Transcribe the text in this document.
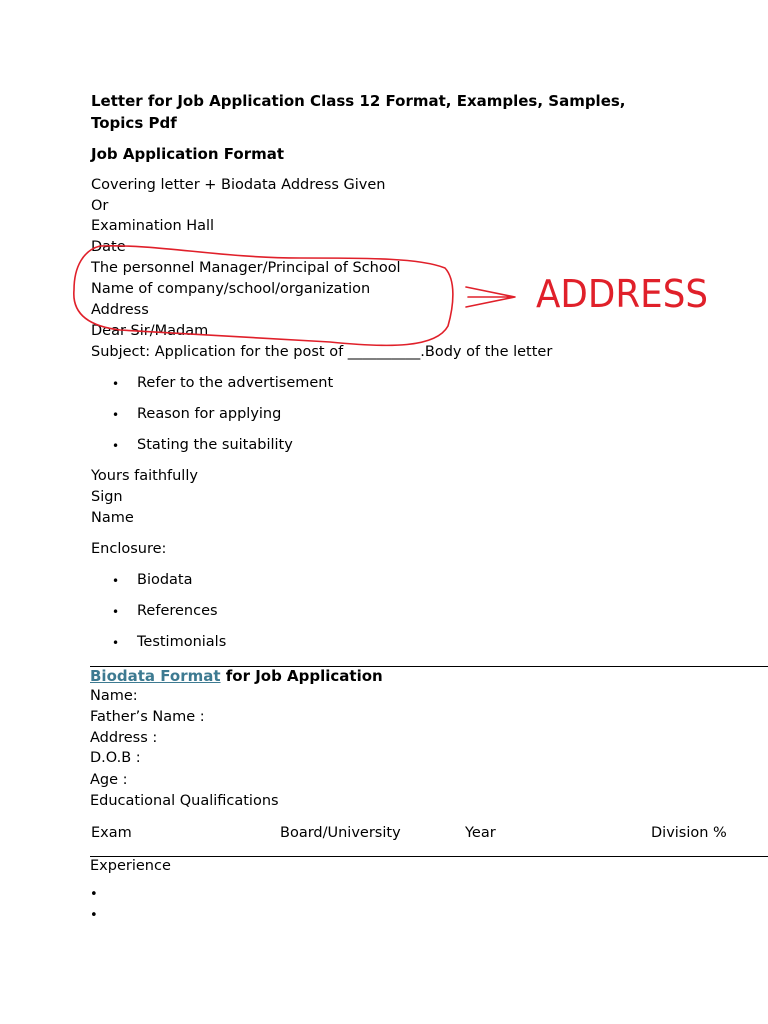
Letter for Job Application Class 12 Format, Examples, Samples,
Topics Pdf
Job Application Format
Covering letter + Biodata Address Given
Or
Examination Hall
Date
The personnel Manager/Principal of School
Name of company/school/organization
Address
Dear Sir/Madam
Subject: Application for the post of __________.Body of the letter
• Refer to the advertisement
• Reason for applying
• Stating the suitability
Yours faithfully
Sign
Name
Enclosure:
• Biodata
• References
• Testimonials
Biodata Format for Job Application
Name:
Father’s Name :
Address :
D.O.B :
Age :
Educational Qualifications
Exam	Board/University	Year	Division %
Experience
•
•
ADDRESS
